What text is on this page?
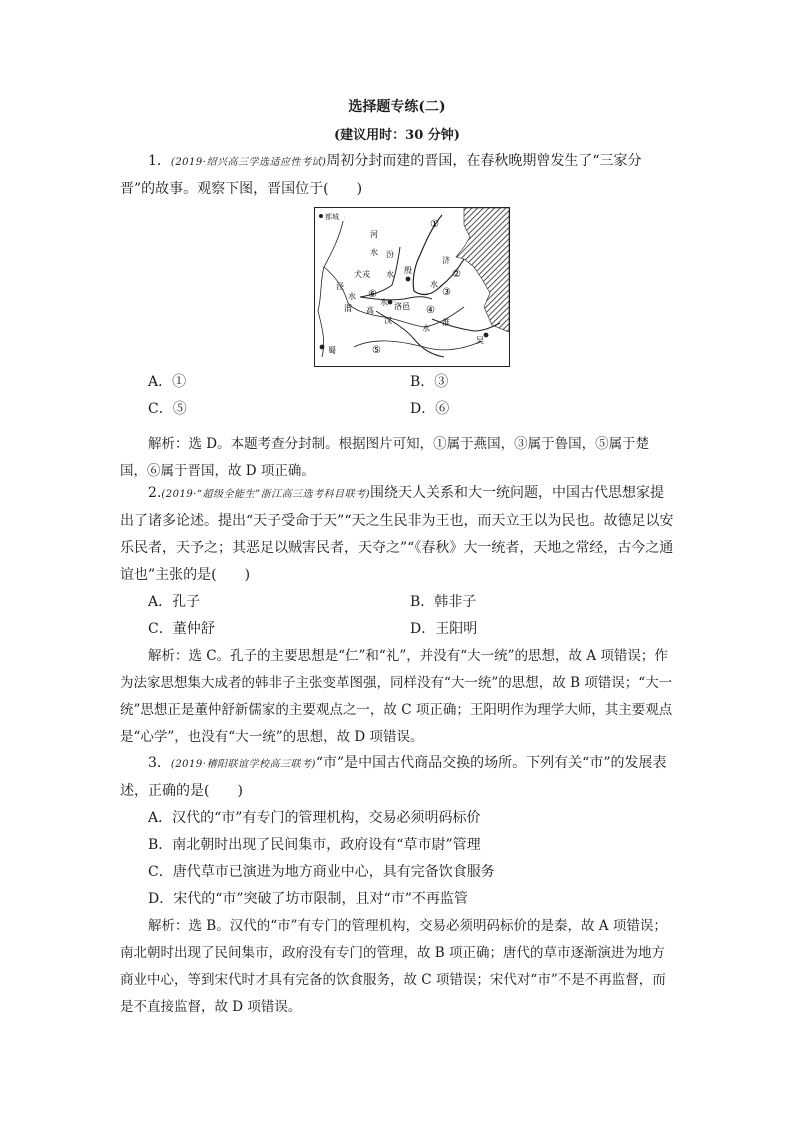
选择题专练(二)
(建议用时：30 分钟)

1．(2019·绍兴高三学选适应性考试)周初分封而建的晋国，在春秋晚期曾发生了“三家分晋”的故事。观察下图，晋国位于(　　)

都城
①
河
水 汾
犬戎 水 殷
济
②
水
③
泾
水 ⑥
洛邑
渭
水
高
汉
④
水
淮
蜀	⑤
吴
A．①	B．③
C．⑤	D．⑥

解析：选 D。本题考查分封制。根据图片可知，①属于燕国，③属于鲁国，⑤属于楚国，⑥属于晋国，故 D 项正确。

2.(2019·“超级全能生”浙江高三选考科目联考)围绕天人关系和大一统问题，中国古代思想家提出了诸多论述。提出“天子受命于天”“天之生民非为王也，而天立王以为民也。故德足以安乐民者，天予之；其恶足以贼害民者，天夺之”“《春秋》大一统者，天地之常经，古今之通谊也”主张的是(　　)

A．孔子	B．韩非子
C．董仲舒	D．王阳明

解析：选 C。孔子的主要思想是“仁”和“礼”，并没有“大一统”的思想，故 A 项错误；作为法家思想集大成者的韩非子主张变革图强，同样没有“大一统”的思想，故 B 项错误；“大一统”思想正是董仲舒新儒家的主要观点之一，故 C 项正确；王阳明作为理学大师，其主要观点是“心学”，也没有“大一统”的思想，故 D 项错误。

3．(2019·稽阳联谊学校高三联考)“市”是中国古代商品交换的场所。下列有关“市”的发展表述，正确的是(　　)

A．汉代的“市”有专门的管理机构，交易必须明码标价
B．南北朝时出现了民间集市，政府设有“草市尉”管理
C．唐代草市已演进为地方商业中心，具有完备饮食服务
D．宋代的“市”突破了坊市限制，且对“市”不再监管

解析：选 B。汉代的“市”有专门的管理机构，交易必须明码标价的是秦，故 A 项错误；南北朝时出现了民间集市，政府没有专门的管理，故 B 项正确；唐代的草市逐渐演进为地方商业中心，等到宋代时才具有完备的饮食服务，故 C 项错误；宋代对“市”不是不再监督，而是不直接监督，故 D 项错误。
